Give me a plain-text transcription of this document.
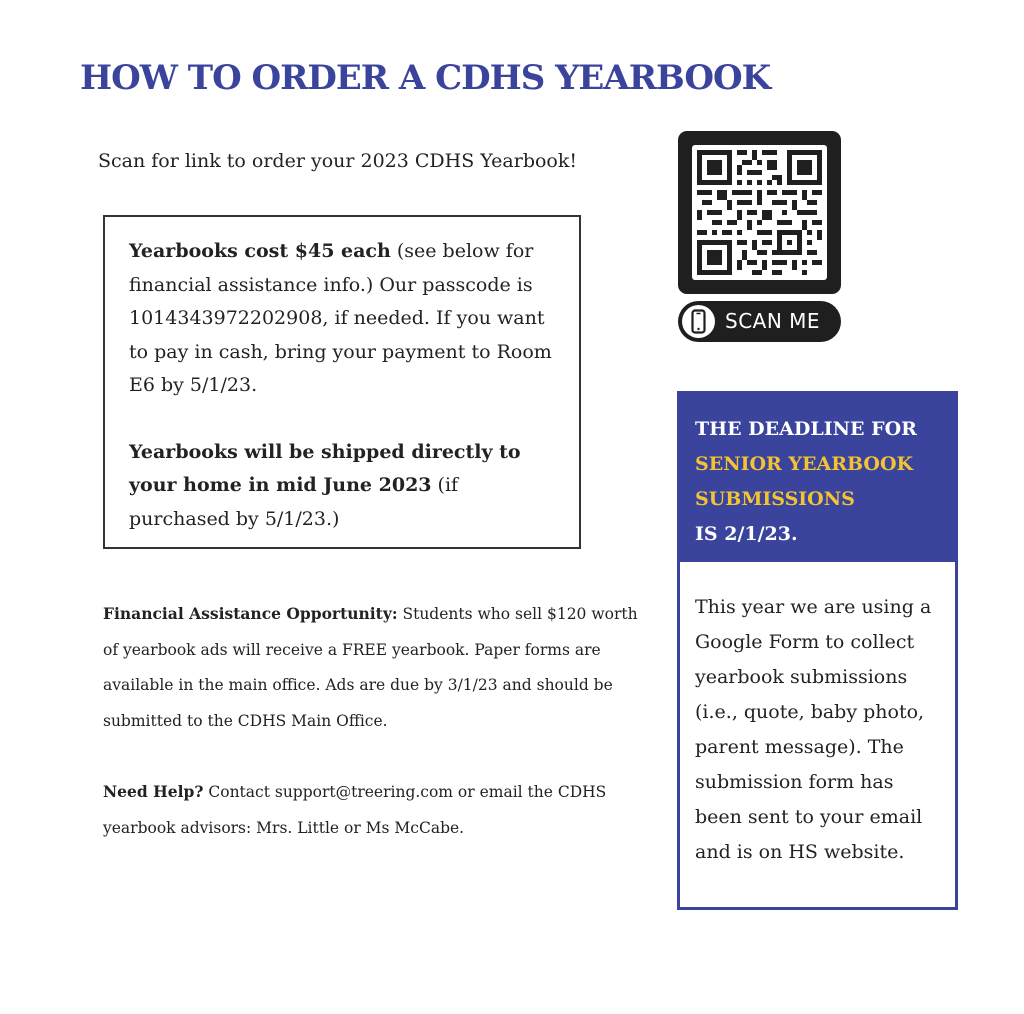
HOW TO ORDER A CDHS YEARBOOK
Scan for link to order your 2023 CDHS Yearbook!

Yearbooks cost $45 each (see below for financial assistance info.) Our passcode is 1014343972202908, if needed. If you want to pay in cash, bring your payment to Room E6 by 5/1/23.

Yearbooks will be shipped directly to your home in mid June 2023 (if purchased by 5/1/23.)

Financial Assistance Opportunity: Students who sell $120 worth of yearbook ads will receive a FREE yearbook. Paper forms are available in the main office. Ads are due by 3/1/23 and should be submitted to the CDHS Main Office.

Need Help? Contact support@treering.com or email the CDHS yearbook advisors: Mrs. Little or Ms McCabe.

SCAN ME
THE DEADLINE FOR
SENIOR YEARBOOK
SUBMISSIONS
IS 2/1/23.
This year we are using a Google Form to collect yearbook submissions (i.e., quote, baby photo, parent message). The submission form has been sent to your email and is on HS website.
